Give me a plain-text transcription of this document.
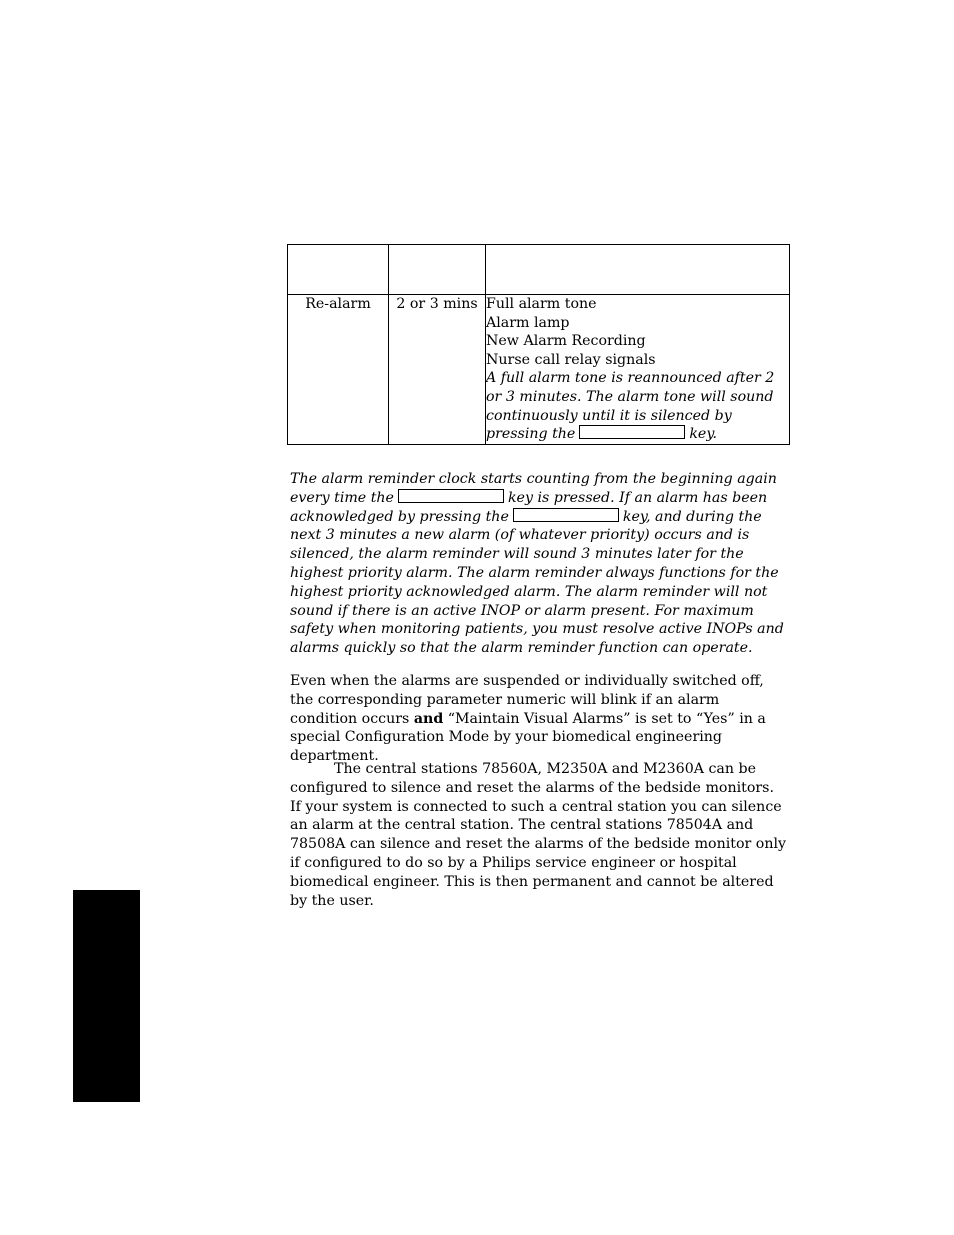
Re-alarm	2 or 3 mins	Full alarm tone
Alarm lamp
New Alarm Recording
Nurse call relay signals
A full alarm tone is reannounced after 2 or 3 minutes. The alarm tone will sound continuously until it is silenced by pressing the key.

The alarm reminder clock starts counting from the beginning again every time the	key is pressed. If an alarm has been acknowledged by pressing the	key, and during the next 3 minutes a new alarm (of whatever priority) occurs and is silenced, the alarm reminder will sound 3 minutes later for the highest priority alarm. The alarm reminder always functions for the highest priority acknowledged alarm. The alarm reminder will not sound if there is an active INOP or alarm present. For maximum safety when monitoring patients, you must resolve active INOPs and alarms quickly so that the alarm reminder function can operate.

Even when the alarms are suspended or individually switched off, the corresponding parameter numeric will blink if an alarm condition occurs and “Maintain Visual Alarms” is set to “Yes” in a special Configuration Mode by your biomedical engineering department.

The central stations 78560A, M2350A and M2360A can be configured to silence and reset the alarms of the bedside monitors. If your system is connected to such a central station you can silence an alarm at the central station. The central stations 78504A and 78508A can silence and reset the alarms of the bedside monitor only if configured to do so by a Philips service engineer or hospital biomedical engineer. This is then permanent and cannot be altered by the user.
